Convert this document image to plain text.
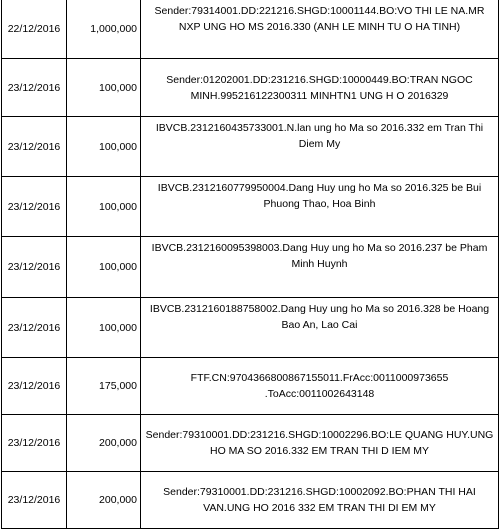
22/12/2016	1,000,000	Sender:79314001.DD:221216.SHGD:10001144.BO:VO THI LE NA.MR NXP UNG HO MS 2016.330 (ANH LE MINH TU O HA TINH)
23/12/2016	100,000	Sender:01202001.DD:231216.SHGD:10000449.BO:TRAN NGOC MINH.995216122300311 MINHTN1 UNG H O 2016329
23/12/2016	100,000	IBVCB.2312160435733001.N.lan ung ho Ma so 2016.332 em Tran Thi Diem My
23/12/2016	100,000	IBVCB.2312160779950004.Dang Huy ung ho Ma so 2016.325 be Bui Phuong Thao, Hoa Binh
23/12/2016	100,000	IBVCB.2312160095398003.Dang Huy ung ho Ma so 2016.237 be Pham Minh Huynh
23/12/2016	100,000	IBVCB.2312160188758002.Dang Huy ung ho Ma so 2016.328 be Hoang Bao An, Lao Cai
23/12/2016	175,000	FTF.CN:9704366800867155011.FrAcc:0011000973655 .ToAcc:0011002643148
23/12/2016	200,000	Sender:79310001.DD:231216.SHGD:10002296.BO:LE QUANG HUY.UNG HO MA SO 2016.332 EM TRAN THI D IEM MY
23/12/2016	200,000	Sender:79310001.DD:231216.SHGD:10002092.BO:PHAN THI HAI VAN.UNG HO 2016 332 EM TRAN THI DI EM MY
